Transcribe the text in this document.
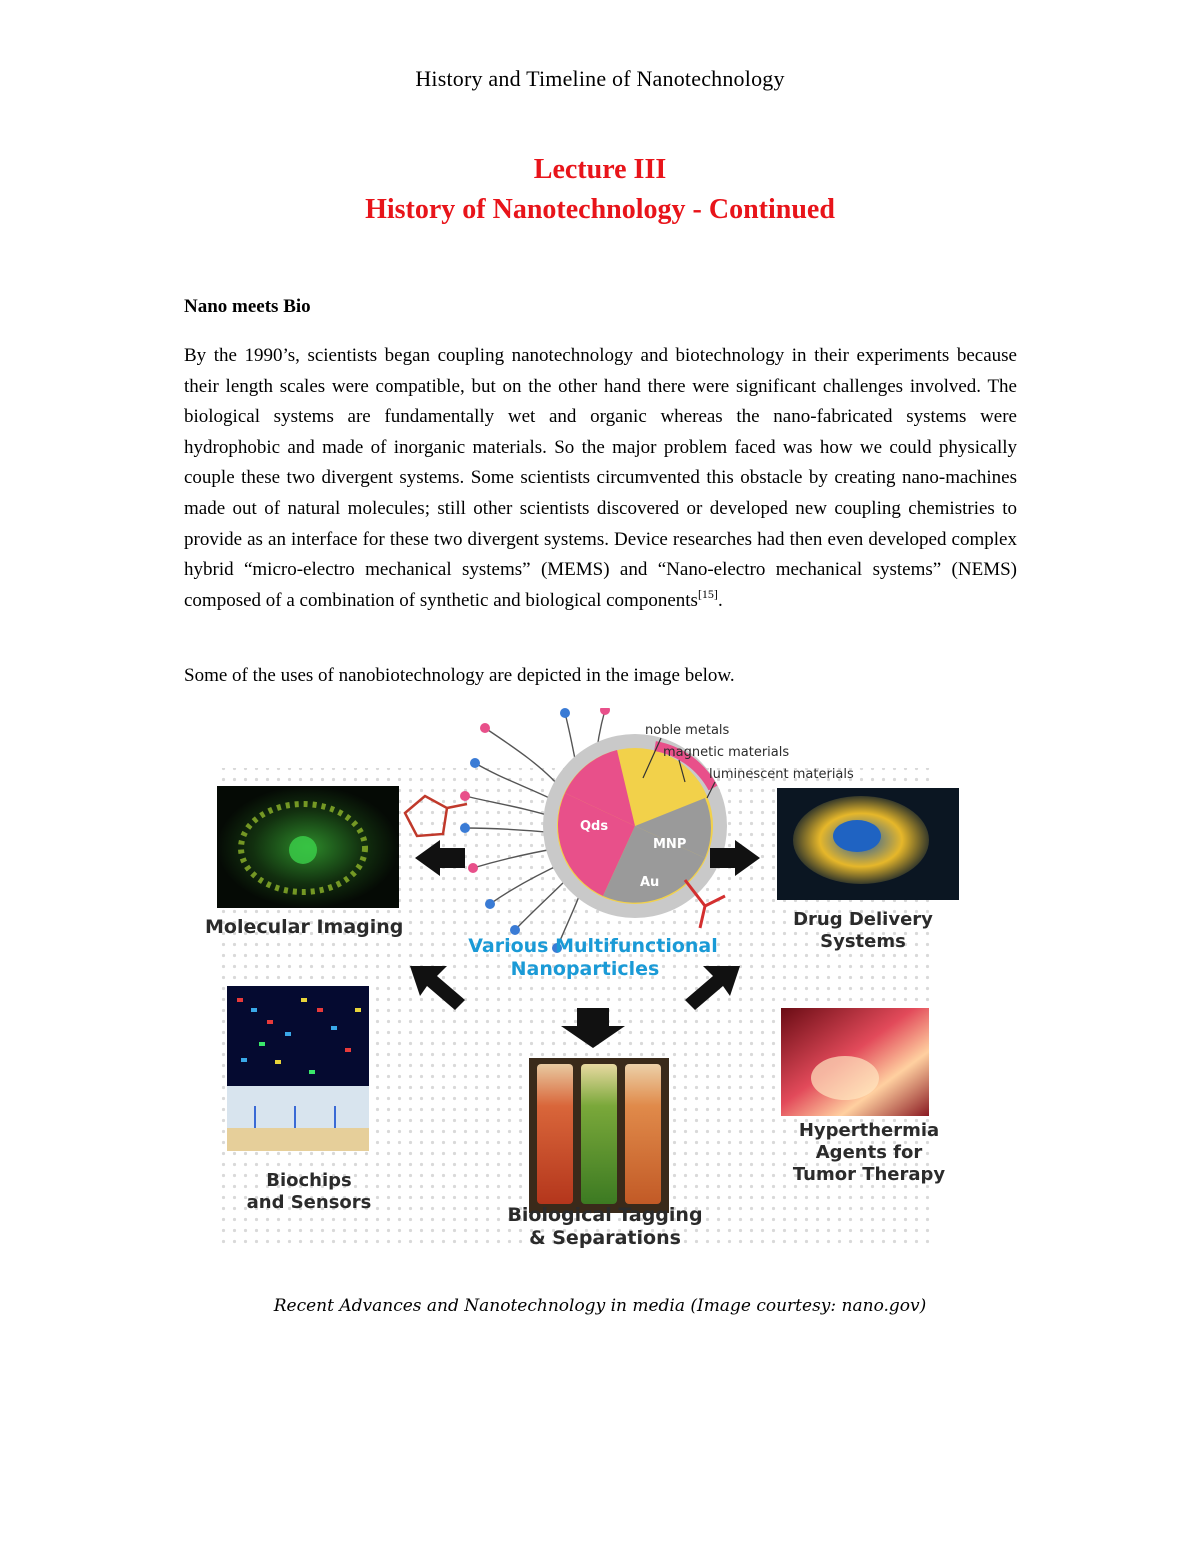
History and Timeline of Nanotechnology
Lecture III
History of Nanotechnology - Continued
Nano meets Bio

By the 1990’s, scientists began coupling nanotechnology and biotechnology in their experiments because their length scales were compatible, but on the other hand there were significant challenges involved. The biological systems are fundamentally wet and organic whereas the nano-fabricated systems were hydrophobic and made of inorganic materials. So the major problem faced was how we could physically couple these two divergent systems. Some scientists circumvented this obstacle by creating nano-machines made out of natural molecules; still other scientists discovered or developed new coupling chemistries to provide as an interface for these two divergent systems. Device researches had then even developed complex hybrid “micro-electro mechanical systems” (MEMS) and “Nano-electro mechanical systems” (NEMS) composed of a combination of synthetic and biological components[15].

Some of the uses of nanobiotechnology are depicted in the image below.
Qds
MNP
Au
noble metals
magnetic materials
luminescent materials
Molecular Imaging	Drug Delivery
Systems
Biochips
and Sensors
Biological Tagging
& Separations
Hyperthermia
Agents for
Tumor Therapy
Various Multifunctional
Nanoparticles
Recent Advances and Nanotechnology in media (Image courtesy: nano.gov)
